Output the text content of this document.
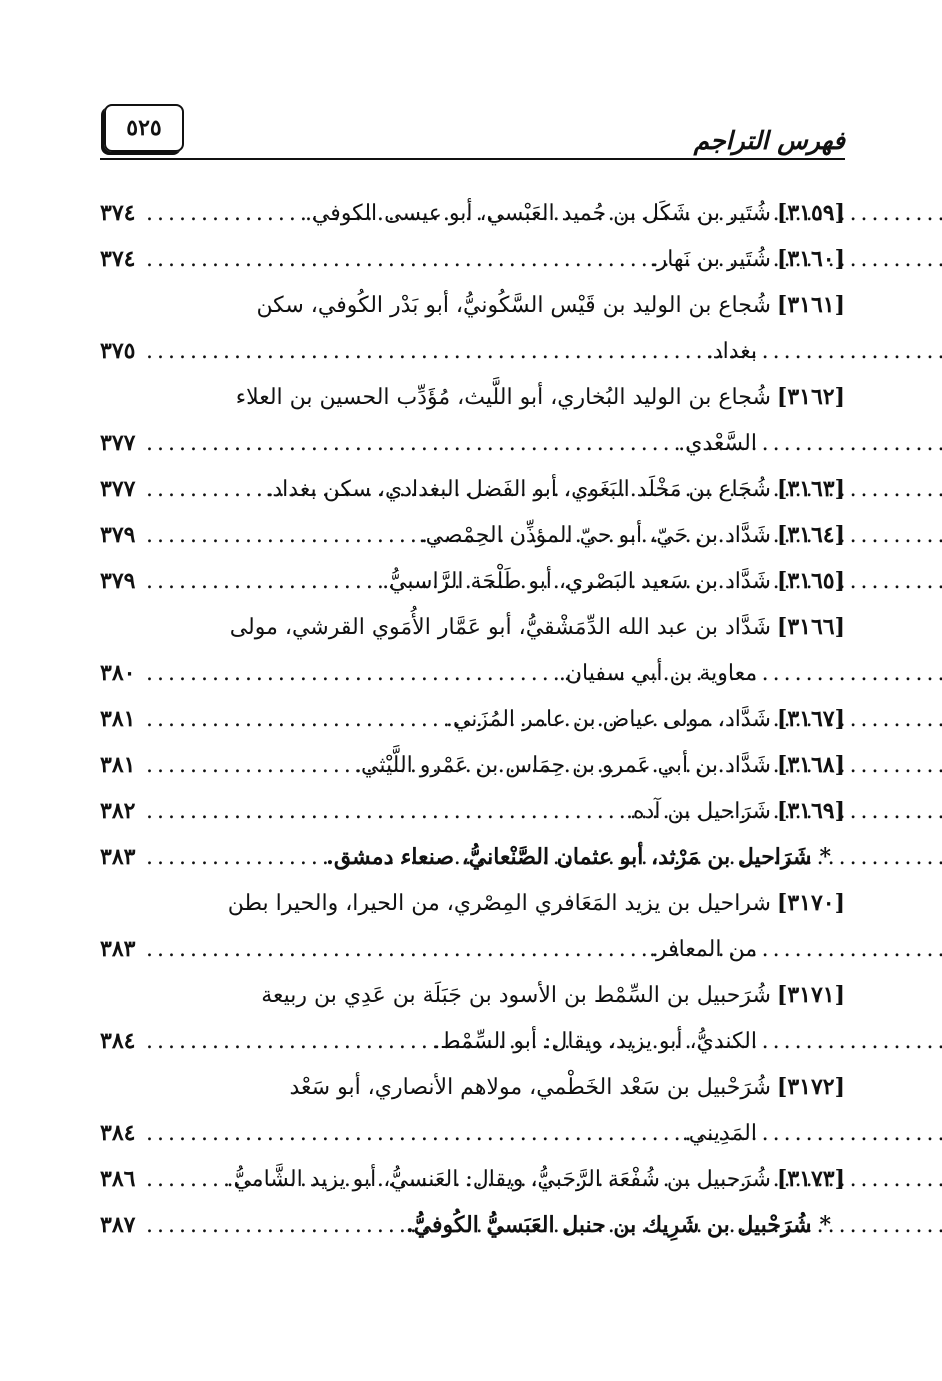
٥٢٥	فهرس التراجم
[٣١٥٩]
شُتَير بن شَكَل بن حُميد العَبْسي، أبو عيسى الكوفي.
.....
٣٧٤
[٣١٦٠]
شُتَير بن نَهار.
.....
٣٧٤
[٣١٦١]
شُجاع بن الوليد بن قَيْس السَّكُونيُّ، أبو بَدْر الكُوفي، سكن
بغداد.
.....
٣٧٥
[٣١٦٢]
شُجاع بن الوليد البُخاري، أبو اللَّيث، مُؤَدِّب الحسين بن العلاء
السَّعْدي.
.....
٣٧٧
[٣١٦٣]
شُجَاع بن مَخْلَد البَغَوي، أبو الفَضل البغدادي، سكن بغداد.
.....
٣٧٧
[٣١٦٤]
شَدَّاد بن حَيّ، أبو حيّ المؤذِّن الحِمْصي.
.....
٣٧٩
[٣١٦٥]
شَدَّاد بن سَعيد البَصْري، أبو طَلْحَة الرَّاسبيُّ.
.....
٣٧٩
[٣١٦٦]
شَدَّاد بن عبد الله الدِّمَشْقيُّ، أبو عَمَّار الأُمَوي القرشي، مولى
معاوية بن أبي سفيان.
.....
٣٨٠
[٣١٦٧]
شَدَّاد، مولى عياض بن عامر المُزَني.
.....
٣٨١
[٣١٦٨]
شَدَّاد بن أبي عَمرو بن حِمَاس بن عَمْرو اللَّيْثي.
.....
٣٨١
[٣١٦٩]
شَرَاحيل بن آده.
.....
٣٨٢
*
شَرَاحيل بن مَرْثد، أبو عثمان الصَّنْعانيُّ، صنعاء دمشق.
.....
٣٨٣
[٣١٧٠]
شراحيل بن يزيد المَعَافري المِصْري، من الحيرا، والحيرا بطن
من المعافر.
.....
٣٨٣
[٣١٧١]
شُرَحبيل بن السِّمْط بن الأسود بن جَبَلَة بن عَدِي بن ربيعة
الكنديُّ، أبو يزيد، ويقال: أبو السِّمْط.
.....
٣٨٤
[٣١٧٢]
شُرَحْبيل بن سَعْد الخَطْمي، مولاهم الأنصاري، أبو سَعْد
المَدِيني.
.....
٣٨٤
[٣١٧٣]
شُرَحبيل بن شُفْعَة الرَّحَبيُّ، ويقال: العَنسيُّ، أبو يزيد الشَّاميُّ.
.....
٣٨٦
*
شُرَحْبيل بن شَرِيك بن حنبل العَبَسيُّ الكُوفيُّ.
.....
٣٨٧
